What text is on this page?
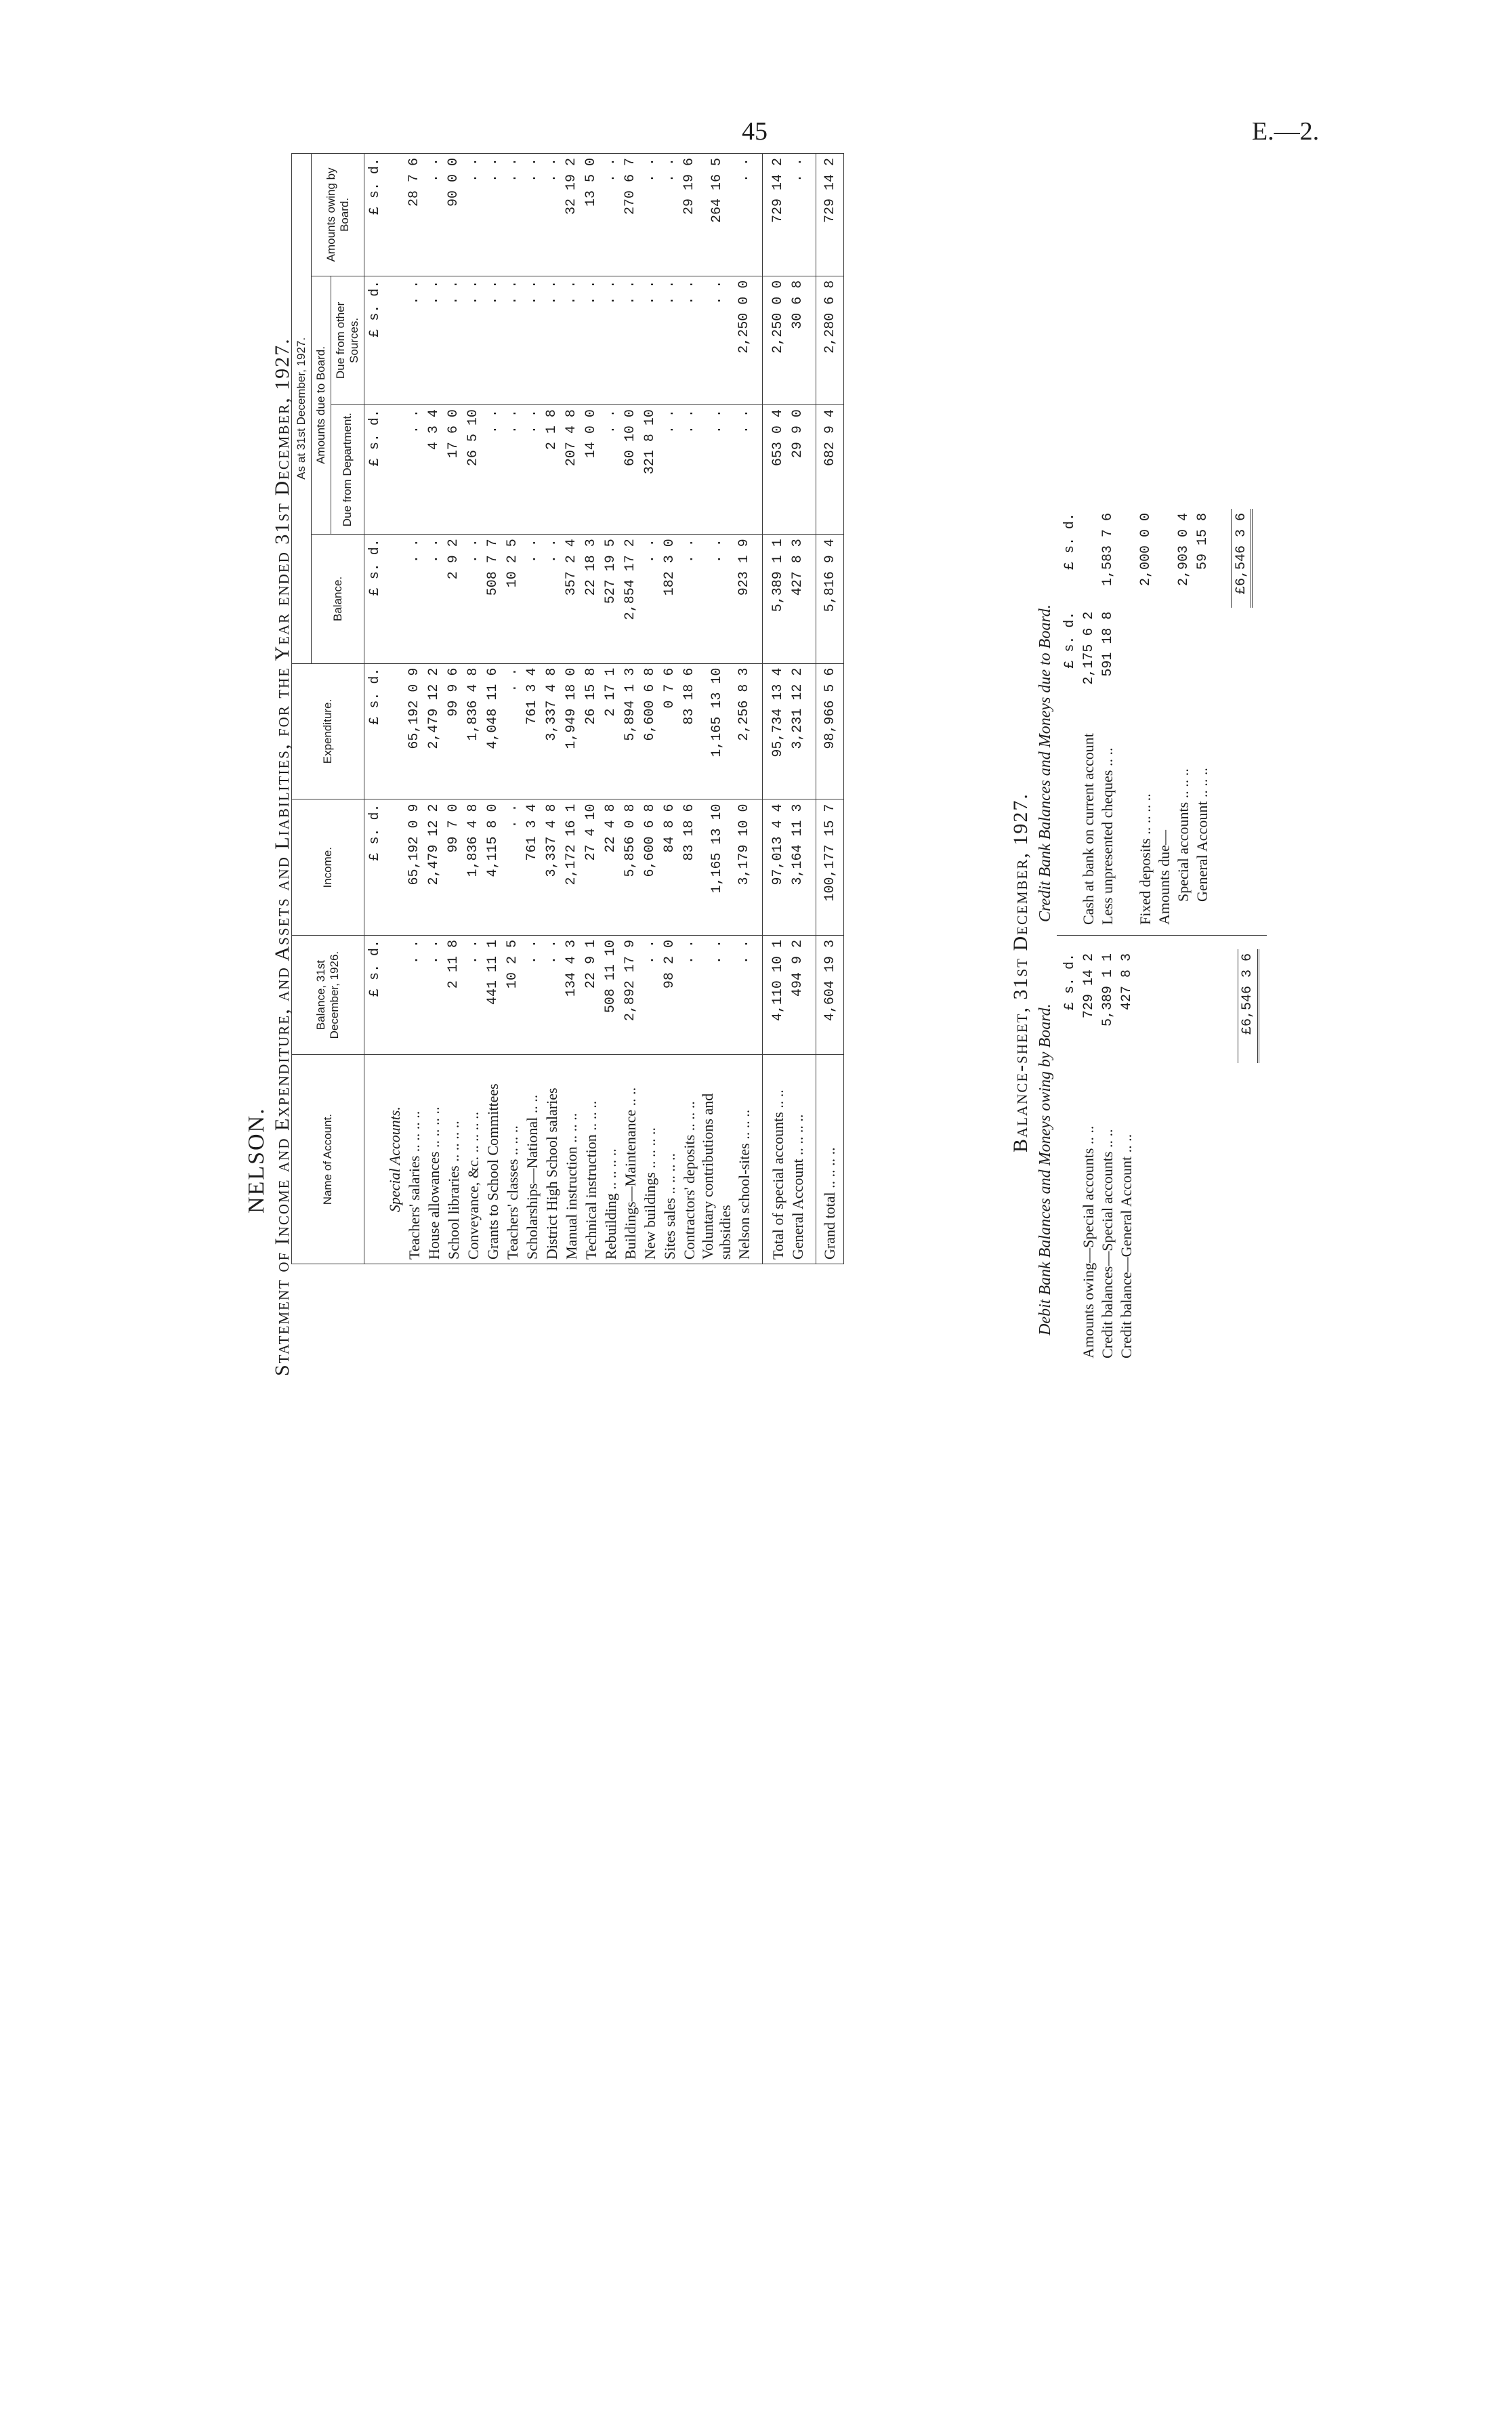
45	E.—2.
NELSON. Statement of Income and Expenditure, and Assets and Liabilities, for the Year ended 31st December, 1927. Name of Account.	Balance, 31st December, 1926.	Income.	Expenditure.	As at 31st December, 1927.			
				Balance.	Amounts due to Board.		Amounts owing by Board.
					Due from Department.	Due from other Sources.	
	£ s. d.	£ s. d.	£ s. d.	£ s. d.	£ s. d.	£ s. d.	£ s. d.
Special Accounts.							
Teachers' salaries .. .. .. ..	. .	65,192 0 9	65,192 0 9	. .	. .	. .	28 7 6
House allowances .. .. .. ..	. .	2,479 12 2	2,479 12 2	. .	4 3 4	. .	. .
School libraries .. .. .. ..	2 11 8	99 7 0	99 9 6	2 9 2	17 6 0	. .	90 0 0
Conveyance, &c. .. .. .. ..	. .	1,836 4 8	1,836 4 8	. .	26 5 10	. .	. .
Grants to School Committees	441 11 1	4,115 8 0	4,048 11 6	508 7 7	. .	. .	. .
Teachers' classes .. .. ..	10 2 5	. .	. .	10 2 5	. .	. .	. .
Scholarships—National .. ..	. .	761 3 4	761 3 4	. .	. .	. .	. .
District High School salaries	. .	3,337 4 8	3,337 4 8	. .	2 1 8	. .	. .
Manual instruction .. .. ..	134 4 3	2,172 16 1	1,949 18 0	357 2 4	207 4 8	. .	32 19 2
Technical instruction .. .. ..	22 9 1	27 4 10	26 15 8	22 18 3	14 0 0	. .	13 5 0
Rebuilding .. .. .. ..	508 11 10	22 4 8	2 17 1	527 19 5	. .	. .	. .
Buildings—Maintenance .. ..	2,892 17 9	5,856 0 8	5,894 1 3	2,854 17 2	60 10 0	. .	270 6 7
New buildings .. .. .. ..	. .	6,600 6 8	6,600 6 8	. .	321 8 10	. .	. .
Sites sales .. .. .. ..	98 2 0	84 8 6	0 7 6	182 3 0	. .	. .	. .
Contractors' deposits .. .. ..	. .	83 18 6	83 18 6	. .	. .	. .	29 19 6
Voluntary contributions and subsidies	. .	1,165 13 10	1,165 13 10	. .	. .	. .	264 16 5
Nelson school-sites .. .. ..	. .	3,179 10 0	2,256 8 3	923 1 9	. .	2,250 0 0	. .

Total of special accounts .. ..	4,110 10 1	97,013 4 4	95,734 13 4	5,389 1 1	653 0 4	2,250 0 0	729 14 2
General Account .. .. .. ..	494 9 2	3,164 11 3	3,231 12 2	427 8 3	29 9 0	30 6 8	. .

Grand total .. .. .. ..	4,604 19 3	100,177 15 7	98,966 5 6	5,816 9 4	682 9 4	2,280 6 8	729 14 2
Balance-sheet, 31st December, 1927.
Debit Bank Balances and Moneys owing by Board.
Credit Bank Balances and Moneys due to Board.
	£ s. d.
Amounts owing—Special accounts .. ..	729 14 2
Credit balances—Special accounts .. ..	5,389 1 1
Credit balance—General Account .. ..	427 8 3

	£6,546 3 6
	£ s. d.	£ s. d.
Cash at bank on current account	2,175 6 2	
Less unpresented cheques .. ..	591 18 8	1,583 7 6

Fixed deposits .. .. .. ..		2,000 0 0
Amounts due—		
Special accounts .. .. ..		2,903 0 4
General Account .. .. ..		59 15 8

		£6,546 3 6
